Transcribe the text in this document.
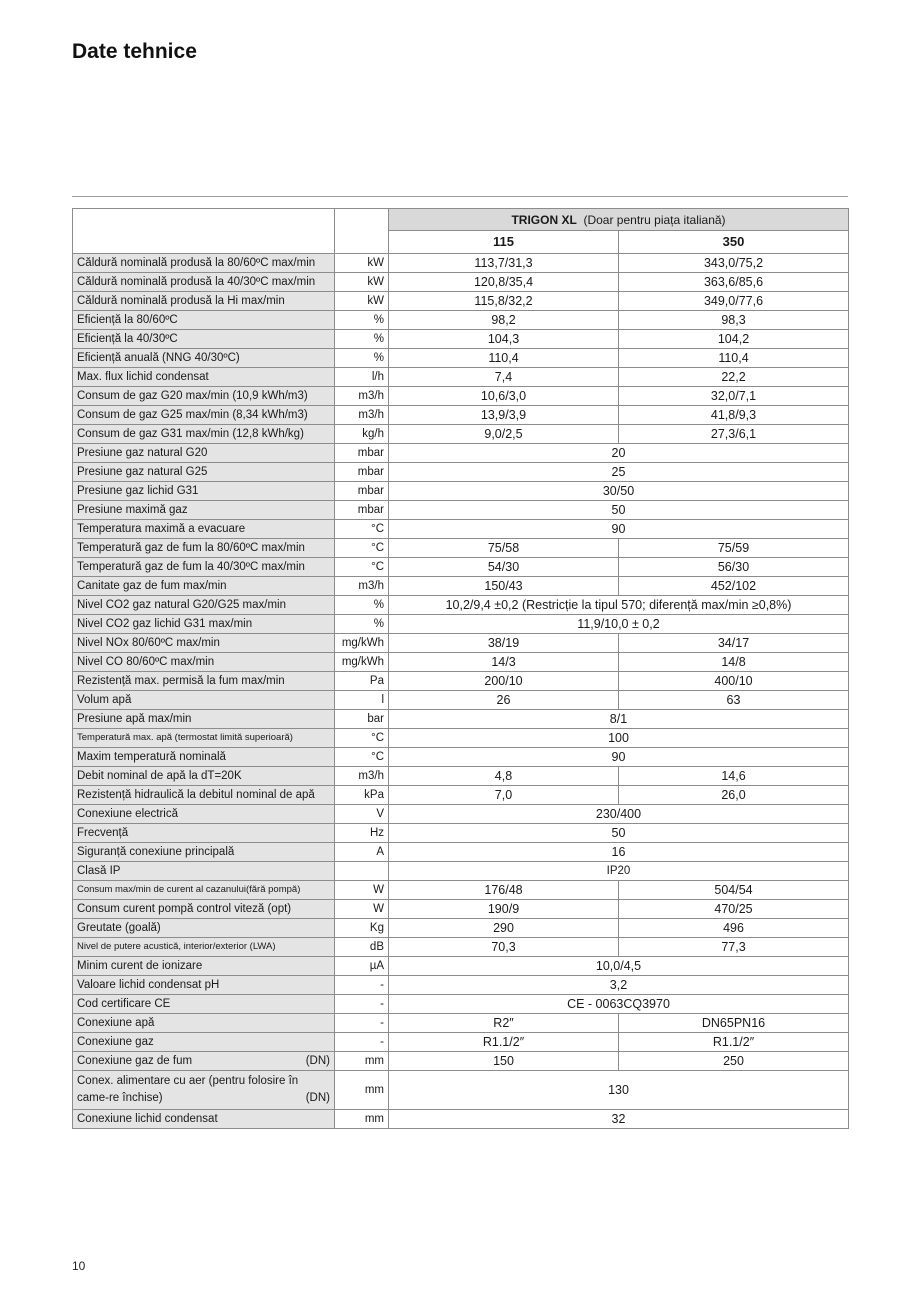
Date tehnice
		TRIGON XL (Doar pentru piața italiană)	
		115	350
Căldură nominală produsă la 80/60ºC max/min	kW	113,7/31,3	343,0/75,2
Căldură nominală produsă la 40/30ºC max/min	kW	120,8/35,4	363,6/85,6
Căldură nominală produsă la Hi max/min	kW	115,8/32,2	349,0/77,6
Eficiență la 80/60ºC	%	98,2	98,3
Eficiență la 40/30ºC	%	104,3	104,2
Eficiență anuală (NNG 40/30ºC)	%	110,4	110,4
Max. flux lichid condensat	l/h	7,4	22,2
Consum de gaz G20 max/min (10,9 kWh/m3)	m3/h	10,6/3,0	32,0/7,1
Consum de gaz G25 max/min (8,34 kWh/m3)	m3/h	13,9/3,9	41,8/9,3
Consum de gaz G31 max/min (12,8 kWh/kg)	kg/h	9,0/2,5	27,3/6,1
Presiune gaz natural G20	mbar	20	
Presiune gaz natural G25	mbar	25	
Presiune gaz lichid G31	mbar	30/50	
Presiune maximă gaz	mbar	50	
Temperatura maximă a evacuare	°C	90	
Temperatură gaz de fum la 80/60ºC max/min	°C	75/58	75/59
Temperatură gaz de fum la 40/30ºC max/min	°C	54/30	56/30
Canitate gaz de fum max/min	m3/h	150/43	452/102
Nivel CO2 gaz natural G20/G25 max/min	%	10,2/9,4 ±0,2 (Restricție la tipul 570; diferență max/min ≥0,8%)	
Nivel CO2 gaz lichid G31 max/min	%	11,9/10,0 ± 0,2	
Nivel NOx 80/60ºC max/min	mg/kWh	38/19	34/17
Nivel CO 80/60ºC max/min	mg/kWh	14/3	14/8
Rezistență max. permisă la fum max/min	Pa	200/10	400/10
Volum apă	l	26	63
Presiune apă max/min	bar	8/1	
Temperatură max. apă (termostat limită superioară)	°C	100	
Maxim temperatură nominală	°C	90	
Debit nominal de apă la dT=20K	m3/h	4,8	14,6
Rezistență hidraulică la debitul nominal de apă	kPa	7,0	26,0
Conexiune electrică	V	230/400	
Frecvență	Hz	50	
Siguranță conexiune principală	A	16	
Clasă IP		IP20	
Consum max/min de curent al cazanului(fără pompă)	W	176/48	504/54
Consum curent pompă control viteză (opt)	W	190/9	470/25
Greutate (goală)	Kg	290	496
Nivel de putere acustică, interior/exterior (LWA)	dB	70,3	77,3
Minim curent de ionizare	µA	10,0/4,5	
Valoare lichid condensat pH	-	3,2	
Cod certificare CE	-	CE - 0063CQ3970	
Conexiune apă	-	R2″	DN65PN16
Conexiune gaz	-	R1.1/2″	R1.1/2″

Conexiune gaz de fum (DN)	mm	150	250

Conex. alimentare cu aer (pentru folosire în came-re închise) (DN)	mm	130	
Conexiune lichid condensat	mm	32	
10
